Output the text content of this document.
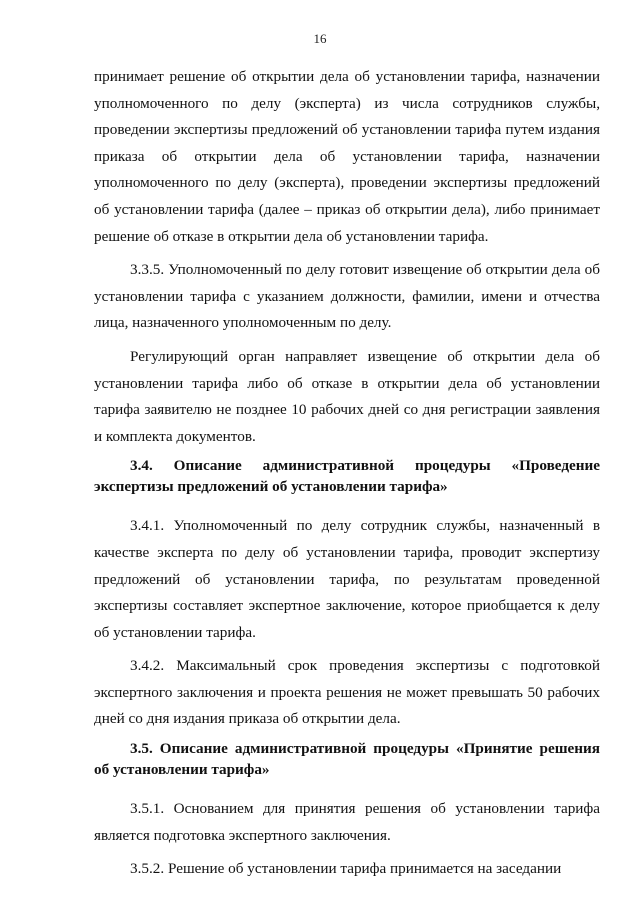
16

принимает решение об открытии дела об установлении тарифа, назначении уполномоченного по делу (эксперта) из числа сотрудников службы, проведении экспертизы предложений об установлении тарифа путем издания приказа об открытии дела об установлении тарифа, назначении уполномоченного по делу (эксперта), проведении экспертизы предложений об установлении тарифа (далее – приказ об открытии дела), либо принимает решение об отказе в открытии дела об установлении тарифа.

3.3.5. Уполномоченный по делу готовит извещение об открытии дела об установлении тарифа с указанием должности, фамилии, имени и отчества лица, назначенного уполномоченным по делу.

Регулирующий орган направляет извещение об открытии дела об установлении тарифа либо об отказе в открытии дела об установлении тарифа заявителю не позднее 10 рабочих дней со дня регистрации заявления и комплекта документов.

3.4. Описание административной процедуры «Проведение экспертизы предложений об установлении тарифа»

3.4.1. Уполномоченный по делу сотрудник службы, назначенный в качестве эксперта по делу об установлении тарифа, проводит экспертизу предложений об установлении тарифа, по результатам проведенной экспертизы составляет экспертное заключение, которое приобщается к делу об установлении тарифа.

3.4.2. Максимальный срок проведения экспертизы с подготовкой экспертного заключения и проекта решения не может превышать 50 рабочих дней со дня издания приказа об открытии дела.

3.5. Описание административной процедуры «Принятие решения об установлении тарифа»

3.5.1. Основанием для принятия решения об установлении тарифа является подготовка экспертного заключения.

3.5.2. Решение об установлении тарифа принимается на заседании
